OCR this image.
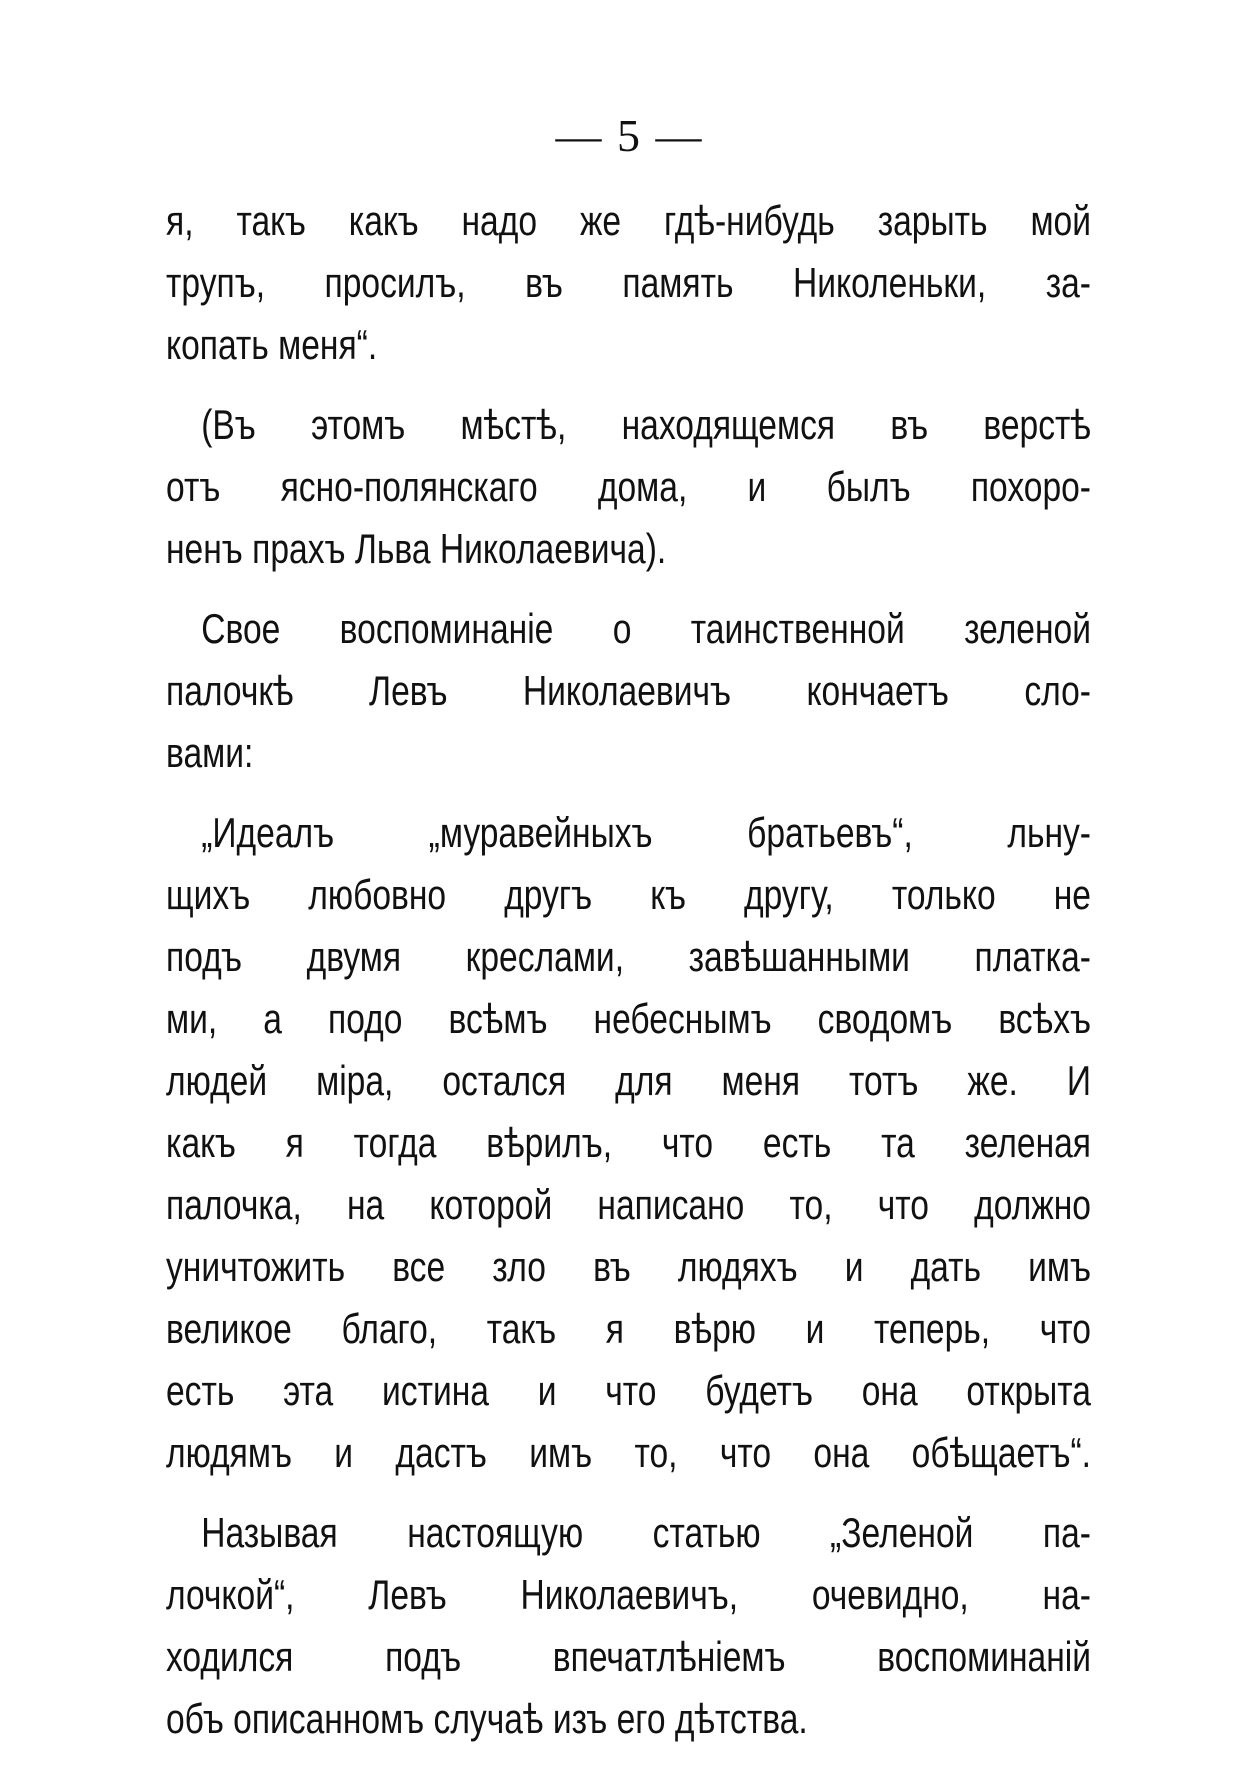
— 5 —
я, такъ какъ надо же гдѣ-нибудь зарыть мой
трупъ, просилъ, въ память Николеньки, за-
копать меня“.
(Въ этомъ мѣстѣ, находящемся въ верстѣ
отъ ясно-полянскаго дома, и былъ похоро-
ненъ прахъ Льва Николаевича).
Свое воспоминаніе о таинственной зеленой
палочкѣ Левъ Николаевичъ кончаетъ сло-
вами:
„Идеалъ „муравейныхъ братьевъ“, льну-
щихъ любовно другъ къ другу, только не
подъ двумя креслами, завѣшанными платка-
ми, а подо всѣмъ небеснымъ сводомъ всѣхъ
людей міра, остался для меня тотъ же. И
какъ я тогда вѣрилъ, что есть та зеленая
палочка, на которой написано то, что должно
уничтожить все зло въ людяхъ и дать имъ
великое благо, такъ я вѣрю и теперь, что
есть эта истина и что будетъ она открыта
людямъ и дастъ имъ то, что она обѣщаетъ“.
Называя настоящую статью „Зеленой па-
лочкой“, Левъ Николаевичъ, очевидно, на-
ходился подъ впечатлѣніемъ воспоминаній
объ описанномъ случаѣ изъ его дѣтства.
